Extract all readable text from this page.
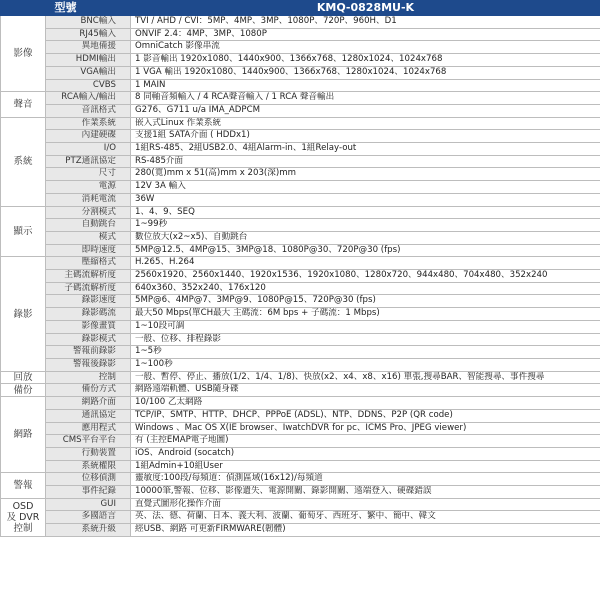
型號		KMQ-0828MU-K
影像	BNC輸入	TVI / AHD / CVI：5MP、4MP、3MP、1080P、720P、960H、D1
	RJ45輸入	ONVIF 2.4：4MP、3MP、1080P
	異地備援	OmniCatch 影像串流
	HDMI輸出	1 影音輸出 1920x1080、1440x900、1366x768、1280x1024、1024x768
	VGA輸出	1 VGA 輸出 1920x1080、1440x900、1366x768、1280x1024、1024x768
	CVBS	1 MAIN
聲音	RCA輸入/輸出	8 同軸音頻輸入 / 4 RCA聲音輸入 / 1 RCA 聲音輸出
	音訊格式	G276、G711 u/a IMA_ADPCM
系統	作業系統	嵌入式Linux 作業系統
	內建硬碟	支援1組 SATA介面 ( HDDx1)
	I/O	1組RS-485、2組USB2.0、4組Alarm-in、1組Relay-out
	PTZ通訊協定	RS-485介面
	尺寸	280(寬)mm x 51(高)mm x 203(深)mm
	電源	12V 3A 輸入
	消耗電流	36W
顯示	分割模式	1、4、9、SEQ
	自動跳台	1~99秒
	模式	數位放大(x2~x5)、自動跳台
	即時速度	5MP@12.5、4MP@15、3MP@18、1080P@30、720P@30 (fps)
錄影	壓縮格式	H.265、H.264
	主碼流解析度	2560x1920、2560x1440、1920x1536、1920x1080、1280x720、944x480、704x480、352x240
	子碼流解析度	640x360、352x240、176x120
	錄影速度	5MP@6、4MP@7、3MP@9、1080P@15、720P@30 (fps)
	錄影碼流	最大50 Mbps(單CH最大 主碼流：6M bps + 子碼流：1 Mbps)
	影像畫質	1~10段可調
	錄影模式	一般、位移、排程錄影
	警報前錄影	1~5秒
	警報後錄影	1~100秒
回放	控制	一般、暫停、停止、播放(1/2、1/4、1/8)、快放(x2、x4、x8、x16) 單張,搜尋BAR、智能搜尋、事件搜尋
備份	備份方式	網路遠端軌體、USB隨身碟
網路	網路介面	10/100 乙太網路
	通訊協定	TCP/IP、SMTP、HTTP、DHCP、PPPoE (ADSL)、NTP、DDNS、P2P (QR code)
	應用程式	Windows 、Mac OS X(IE browser、IwatchDVR for pc、ICMS Pro、JPEG viewer)
	CMS平台平台	有 (主控EMAP電子地圖)
	行動裝置	iOS、Android (socatch)
	系統權限	1組Admin+10組User
警報	位移偵測	靈敏度:100段/每頻道：偵測區域(16x12)/每頻道
	事件紀錄	10000筆,警報、位移、影像遺失、電源開關、錄影開關、遠端登入、硬碟錯誤
OSD
及 DVR
控制	GUI	直覺式圖形化操作介面
	多國語言	英、法、德、荷蘭、日本、義大利、波蘭、葡萄牙、西班牙、繁中、簡中、韓文
	系統升級	經USB、網路 可更新FIRMWARE(韌體)
